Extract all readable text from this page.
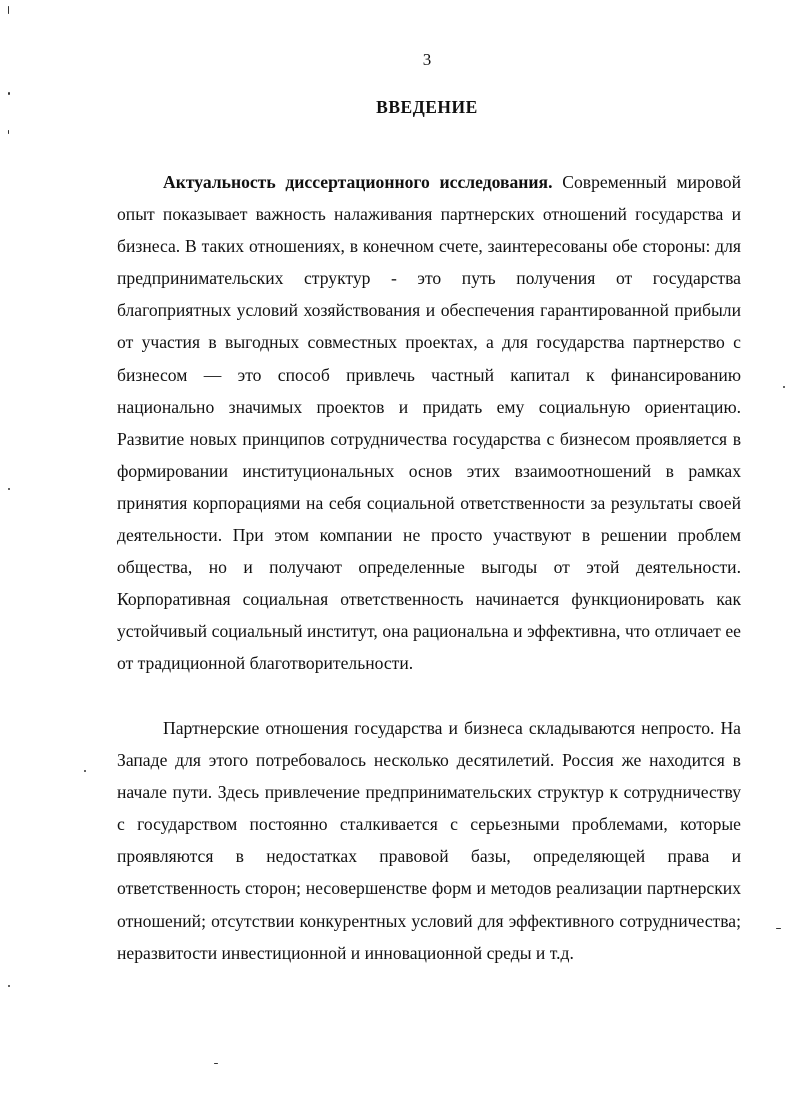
3
ВВЕДЕНИЕ

Актуальность диссертационного исследования. Современный мировой опыт показывает важность налаживания партнерских отношений государства и бизнеса. В таких отношениях, в конечном счете, заинтересованы обе стороны: для предпринимательских структур - это путь получения от государства благоприятных условий хозяйствования и обеспечения гарантированной прибыли от участия в выгодных совместных проектах, а для государства партнерство с бизнесом — это способ привлечь частный капитал к финансированию национально значимых проектов и придать ему социальную ориентацию. Развитие новых принципов сотрудничества государства с бизнесом проявляется в формировании институциональных основ этих взаимоотношений в рамках принятия корпорациями на себя социальной ответственности за результаты своей деятельности. При этом компании не просто участвуют в решении проблем общества, но и получают определенные выгоды от этой деятельности. Корпоративная социальная ответственность начинается функционировать как устойчивый социальный институт, она рациональна и эффективна, что отличает ее от традиционной благотворительности.

Партнерские отношения государства и бизнеса складываются непросто. На Западе для этого потребовалось несколько десятилетий. Россия же находится в начале пути. Здесь привлечение предпринимательских структур к сотрудничеству с государством постоянно сталкивается с серьезными проблемами, которые проявляются в недостатках правовой базы, определяющей права и ответственность сторон; несовершенстве форм и методов реализации партнерских отношений; отсутствии конкурентных условий для эффективного сотрудничества; неразвитости инвестиционной и инновационной среды и т.д.
